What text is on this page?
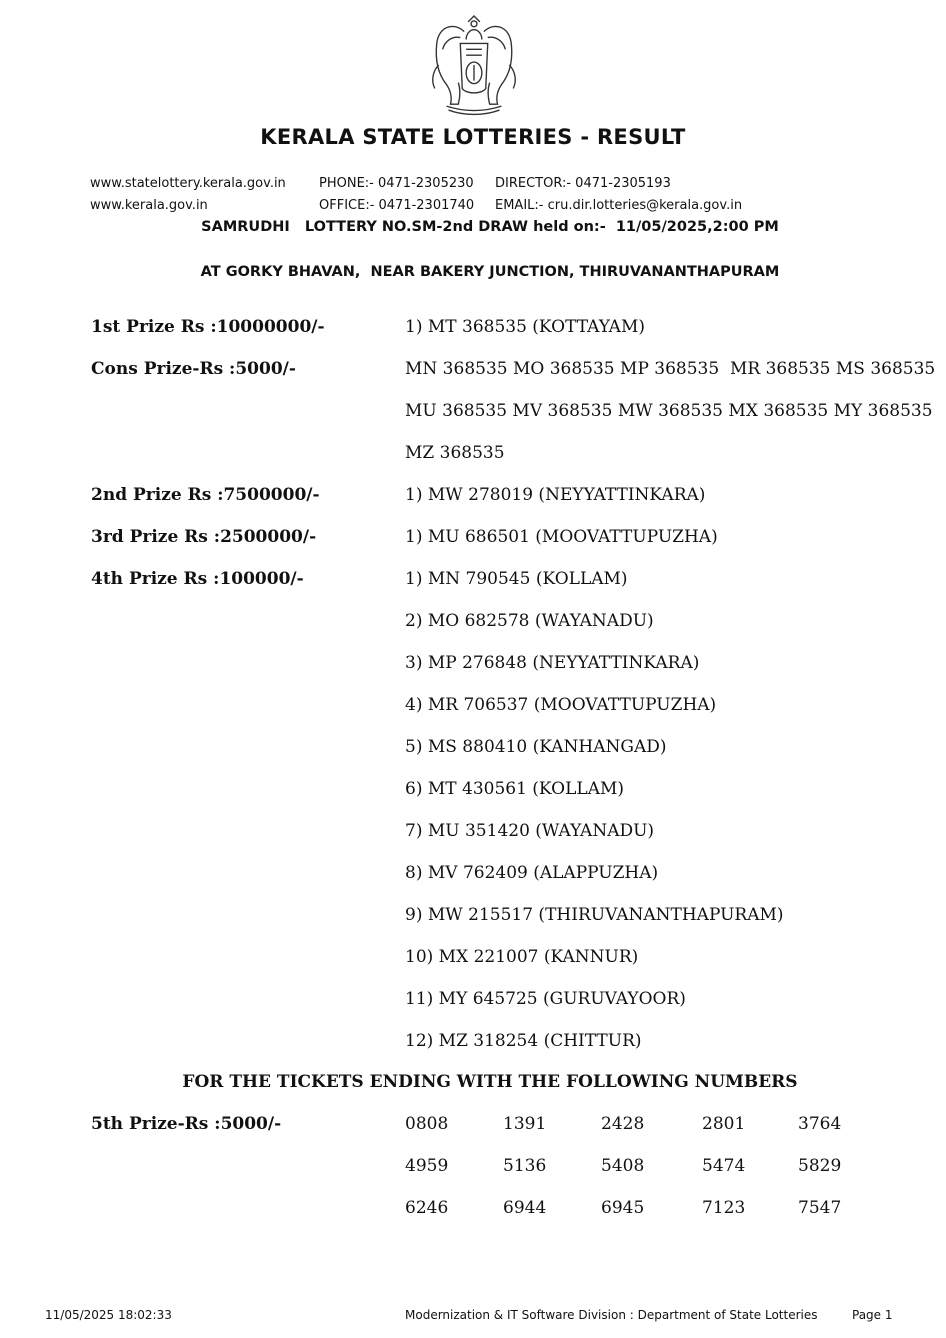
KERALA STATE LOTTERIES - RESULT
www.statelottery.kerala.gov.in
www.kerala.gov.in
PHONE:- 0471-2305230
OFFICE:- 0471-2301740
DIRECTOR:- 0471-2305193
EMAIL:- cru.dir.lotteries@kerala.gov.in
SAMRUDHI   LOTTERY NO.SM-2nd DRAW held on:-  11/05/2025,2:00 PM
AT GORKY BHAVAN,  NEAR BAKERY JUNCTION, THIRUVANANTHAPURAM
1st Prize Rs :10000000/-	1) MT 368535 (KOTTAYAM)
Cons Prize-Rs :5000/-	MN 368535 MO 368535 MP 368535  MR 368535 MS 368535
MU 368535 MV 368535 MW 368535 MX 368535 MY 368535
MZ 368535
2nd Prize Rs :7500000/-	1) MW 278019 (NEYYATTINKARA)
3rd Prize Rs :2500000/-	1) MU 686501 (MOOVATTUPUZHA)
4th Prize Rs :100000/-	1) MN 790545 (KOLLAM)
2) MO 682578 (WAYANADU)
3) MP 276848 (NEYYATTINKARA)
4) MR 706537 (MOOVATTUPUZHA)
5) MS 880410 (KANHANGAD)
6) MT 430561 (KOLLAM)
7) MU 351420 (WAYANADU)
8) MV 762409 (ALAPPUZHA)
9) MW 215517 (THIRUVANANTHAPURAM)
10) MX 221007 (KANNUR)
11) MY 645725 (GURUVAYOOR)
12) MZ 318254 (CHITTUR)
FOR THE TICKETS ENDING WITH THE FOLLOWING NUMBERS
5th Prize-Rs :5000/-	0808	1391	2428	2801	3764
4959	5136	5408	5474	5829
6246	6944	6945	7123	7547
11/05/2025 18:02:33	Modernization & IT Software Division : Department of State Lotteries	Page 1
